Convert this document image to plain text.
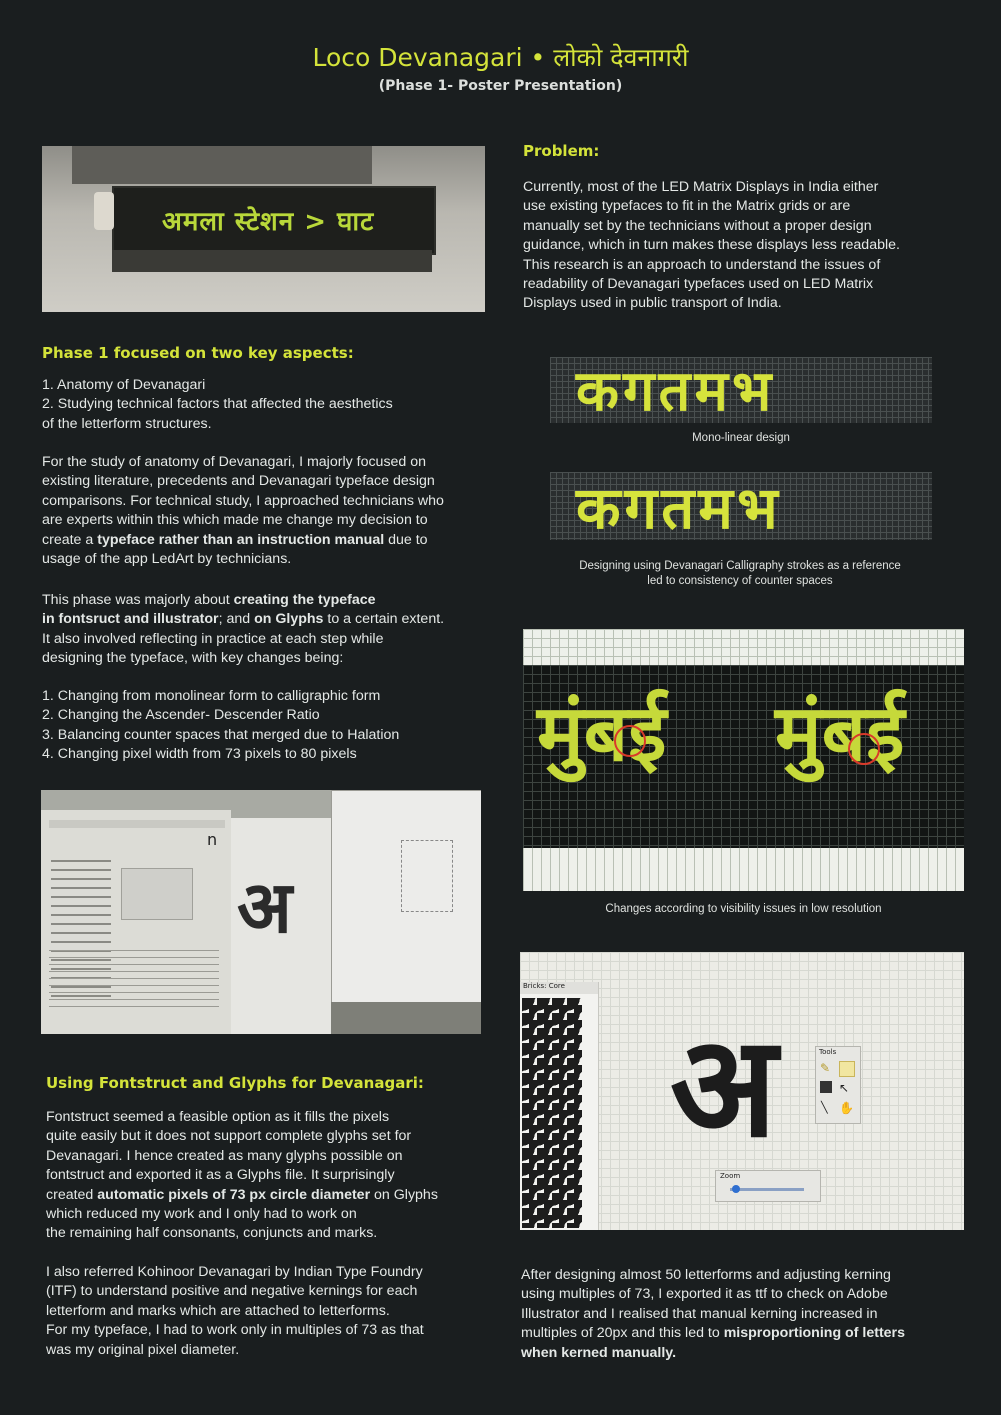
Loco Devanagari • लोको देवनागरी
(Phase 1- Poster Presentation)
अमला स्टेशन > घाट
Problem:
Currently, most of the LED Matrix Displays in India either
use existing typefaces to fit in the Matrix grids or are
manually set by the technicians without a proper design
guidance, which in turn makes these displays less readable.
This research is an approach to understand the issues of
readability of Devanagari typefaces used on LED Matrix
Displays used in public transport of India.
Phase 1 focused on two key aspects:
1. Anatomy of Devanagari
2. Studying technical factors that affected the aesthetics
of the letterform structures.
For the study of anatomy of Devanagari, I majorly focused on
existing literature, precedents and Devanagari typeface design
comparisons. For technical study, I approached technicians who
are experts within this which made me change my decision to
create a typeface rather than an instruction manual due to
usage of the app LedArt by technicians.
This phase was majorly about creating the typeface
in fontsruct and illustrator; and on Glyphs to a certain extent.
It also involved reflecting in practice at each step while
designing the typeface, with key changes being:
1. Changing from monolinear form to calligraphic form
2. Changing the Ascender- Descender Ratio
3. Balancing counter spaces that merged due to Halation
4. Changing pixel width from 73 pixels to 80 pixels
कगतमभ
Mono-linear design
कगतमभ
Designing using Devanagari Calligraphy strokes as a reference
led to consistency of counter spaces
मुंबई मुंबई
Changes according to visibility issues in low resolution
n
अ
Bricks: Core
अ	Tools
✎
↖
╲ ✋
Zoom
Using Fontstruct and Glyphs for Devanagari:
Fontstruct seemed a feasible option as it fills the pixels
quite easily but it does not support complete glyphs set for
Devanagari. I hence created as many glyphs possible on
fontstruct and exported it as a Glyphs file. It surprisingly
created automatic pixels of 73 px circle diameter on Glyphs
which reduced my work and I only had to work on
the remaining half consonants, conjuncts and marks.
I also referred Kohinoor Devanagari by Indian Type Foundry
(ITF) to understand positive and negative kernings for each
letterform and marks which are attached to letterforms.
For my typeface, I had to work only in multiples of 73 as that
was my original pixel diameter.
After designing almost 50 letterforms and adjusting kerning
using multiples of 73, I exported it as ttf to check on Adobe
Illustrator and I realised that manual kerning increased in
multiples of 20px and this led to misproportioning of letters
when kerned manually.
